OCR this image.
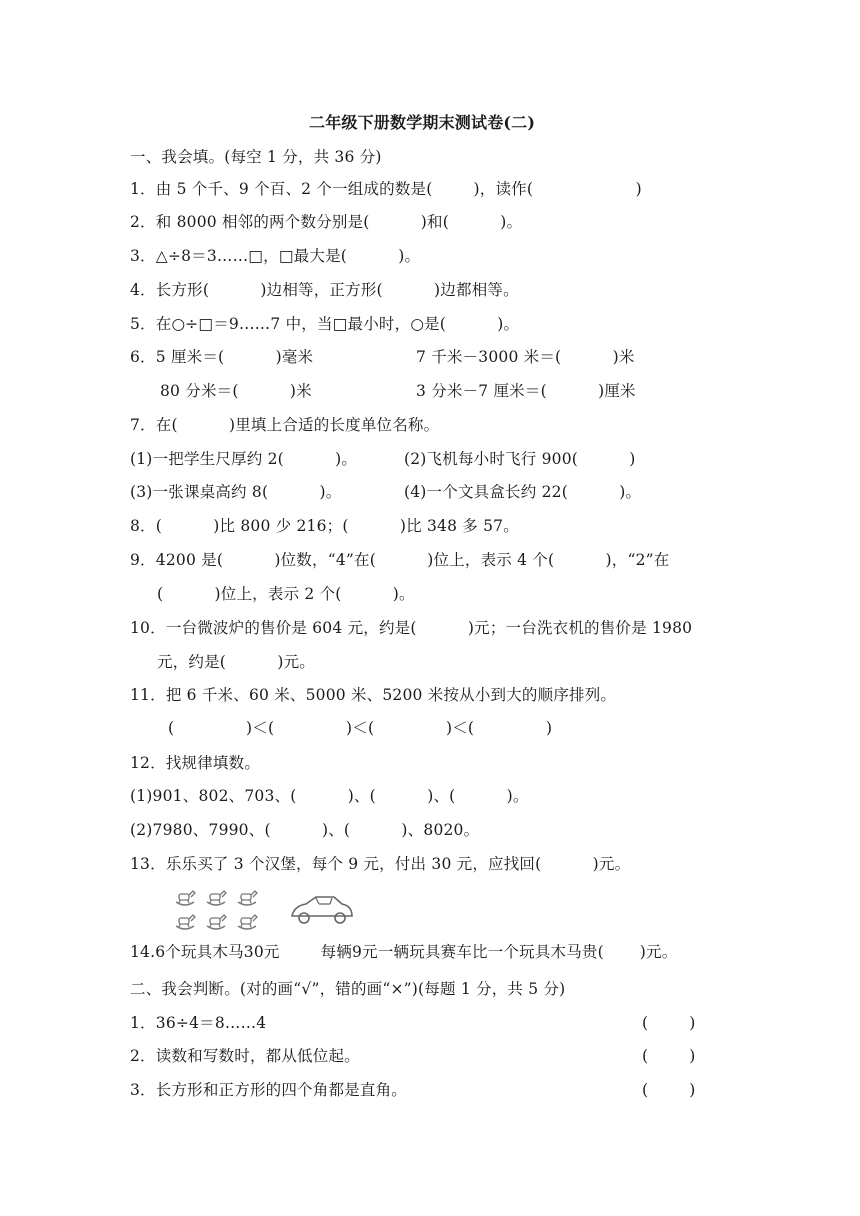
二年级下册数学期末测试卷(二)
一、我会填。(每空 1 分，共 36 分)
1．由 5 个千、9 个百、2 个一组成的数是(        )，读作(                    )
2．和 8000 相邻的两个数分别是(          )和(          )。
3．△÷8＝3……□，□最大是(          )。
4．长方形(          )边相等，正方形(          )边都相等。
5．在○÷□＝9……7 中，当□最小时，○是(          )。
6．5 厘米＝(          )毫米	7 千米－3000 米＝(          )米
80 分米＝(          )米	3 分米－7 厘米＝(          )厘米
7．在(          )里填上合适的长度单位名称。
(1)一把学生尺厚约 2(          )。	(2)飞机每小时飞行 900(          )
(3)一张课桌高约 8(          )。	(4)一个文具盒长约 22(          )。
8．(          )比 800 少 216；(          )比 348 多 57。
9．4200 是(          )位数，“4”在(          )位上，表示 4 个(          )，“2”在
(          )位上，表示 2 个(          )。
10．一台微波炉的售价是 604 元，约是(          )元；一台洗衣机的售价是 1980
元，约是(          )元。
11．把 6 千米、60 米、5000 米、5200 米按从小到大的顺序排列。
(              )＜(              )＜(              )＜(              )
12．找规律填数。
(1)901、802、703、(          )、(          )、(          )。
(2)7980、7990、(          )、(          )、8020。
13．乐乐买了 3 个汉堡，每个 9 元，付出 30 元，应找回(          )元。
14.6个玩具木马30元        每辆9元一辆玩具赛车比一个玩具木马贵(       )元。
二、我会判断。(对的画“√”，错的画“×”)(每题 1 分，共 5 分)
1．36÷4＝8……4	(        )
2．读数和写数时，都从低位起。	(        )
3．长方形和正方形的四个角都是直角。	(        )
